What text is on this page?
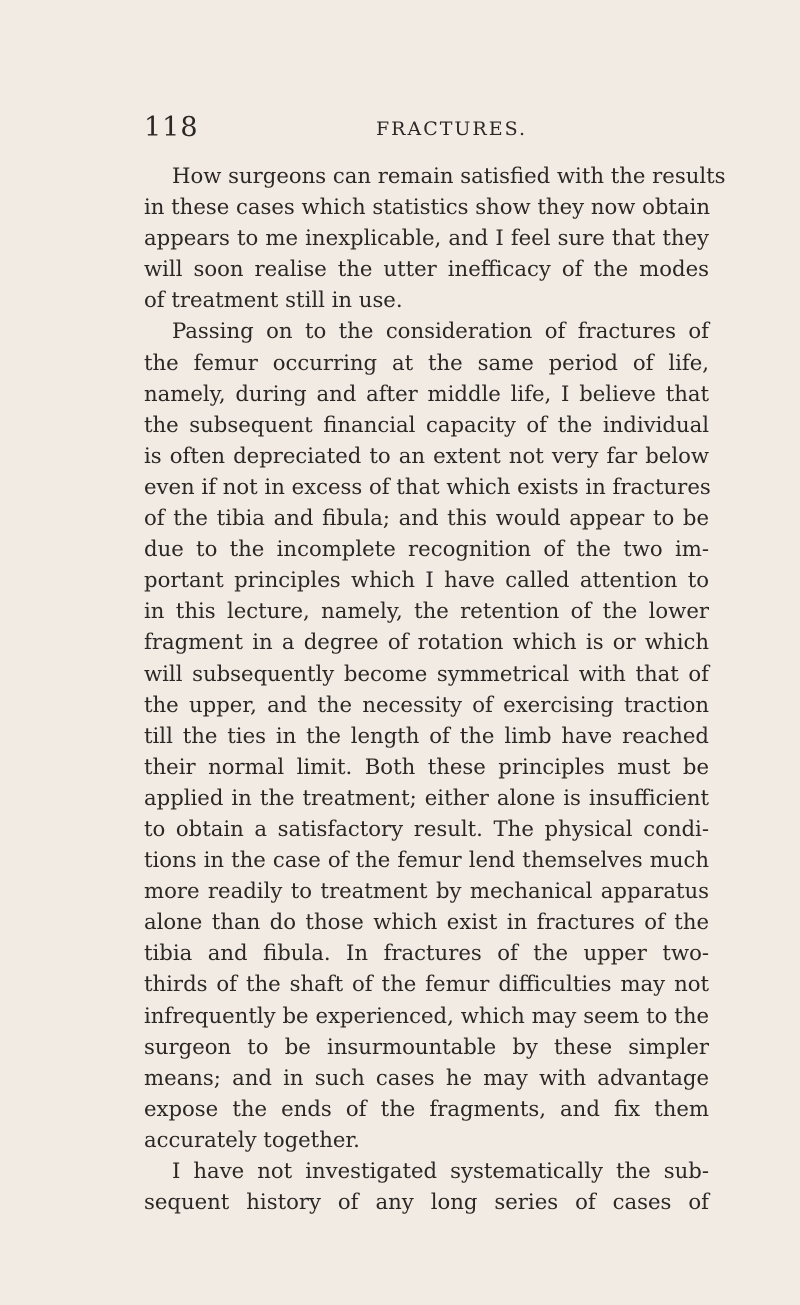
118	FRACTURES.
How surgeons can remain satisfied with the results
in these cases which statistics show they now obtain
appears to me inexplicable, and I feel sure that they
will soon realise the utter inefficacy of the modes
of treatment still in use.
Passing on to the consideration of fractures of
the femur occurring at the same period of life,
namely, during and after middle life, I believe that
the subsequent financial capacity of the individual
is often depreciated to an extent not very far below
even if not in excess of that which exists in fractures
of the tibia and fibula; and this would appear to be
due to the incomplete recognition of the two im-
portant principles which I have called attention to
in this lecture, namely, the retention of the lower
fragment in a degree of rotation which is or which
will subsequently become symmetrical with that of
the upper, and the necessity of exercising traction
till the ties in the length of the limb have reached
their normal limit. Both these principles must be
applied in the treatment; either alone is insufficient
to obtain a satisfactory result. The physical condi-
tions in the case of the femur lend themselves much
more readily to treatment by mechanical apparatus
alone than do those which exist in fractures of the
tibia and fibula. In fractures of the upper two-
thirds of the shaft of the femur difficulties may not
infrequently be experienced, which may seem to the
surgeon to be insurmountable by these simpler
means; and in such cases he may with advantage
expose the ends of the fragments, and fix them
accurately together.
I have not investigated systematically the sub-
sequent history of any long series of cases of
